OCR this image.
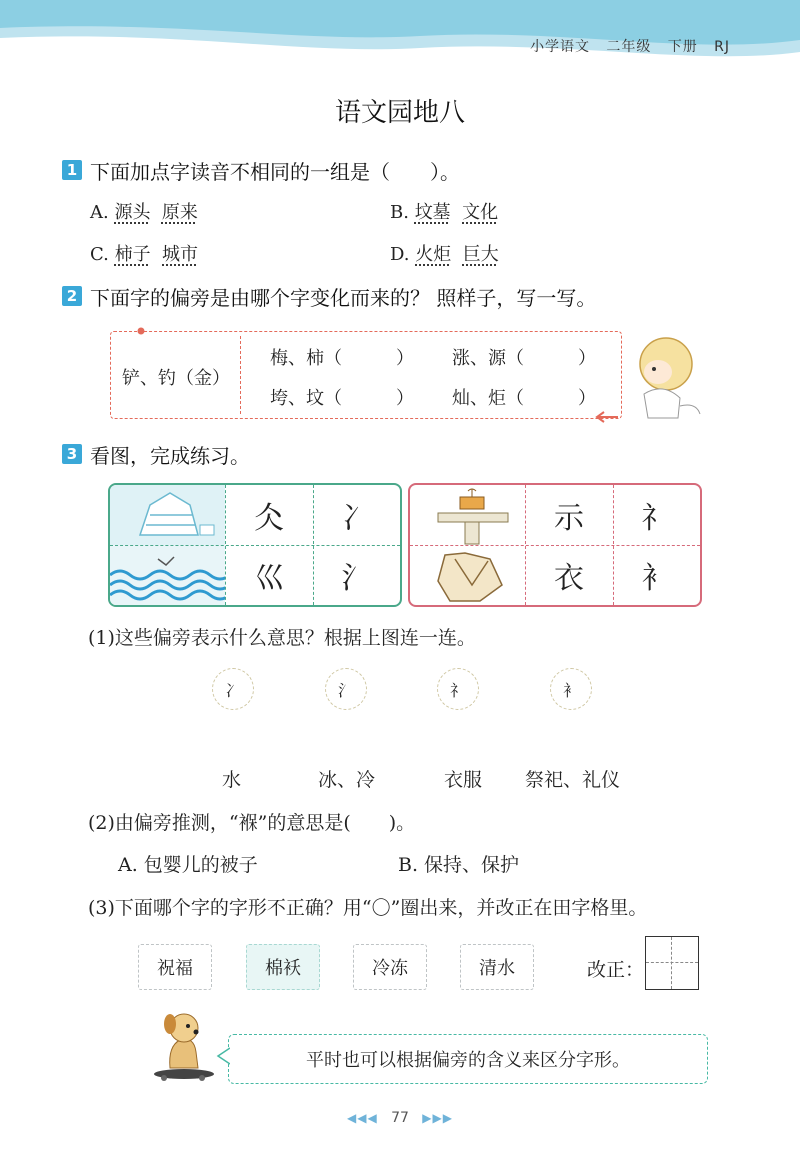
小学语文 二年级 下册 RJ
语文园地八
1 下面加点字读音不相同的一组是（　　）。
A. 源头 原来	B. 坟墓 文化
C. 柿子 城市	D. 火炬 巨大
2 下面字的偏旁是由哪个字变化而来的？ 照样子，写一写。
铲、钓（金）
梅、柿（　　　） 涨、源（　　　）
垮、坟（　　　） 灿、炬（　　　）
3 看图，完成练习。
仌	冫
巛	氵
示	礻
衣	衤
(1)这些偏旁表示什么意思？根据上图连一连。
冫	氵	礻	衤
水	冰、冷	衣服 祭祀、礼仪
(2)由偏旁推测，“褓”的意思是(　　)。
A. 包婴儿的被子	B. 保持、保护
(3)下面哪个字的字形不正确？用“〇”圈出来，并改正在田字格里。
祝福	棉袄	冷冻	清水	改正：
平时也可以根据偏旁的含义来区分字形。
◀◀◀ 77 ▶▶▶
